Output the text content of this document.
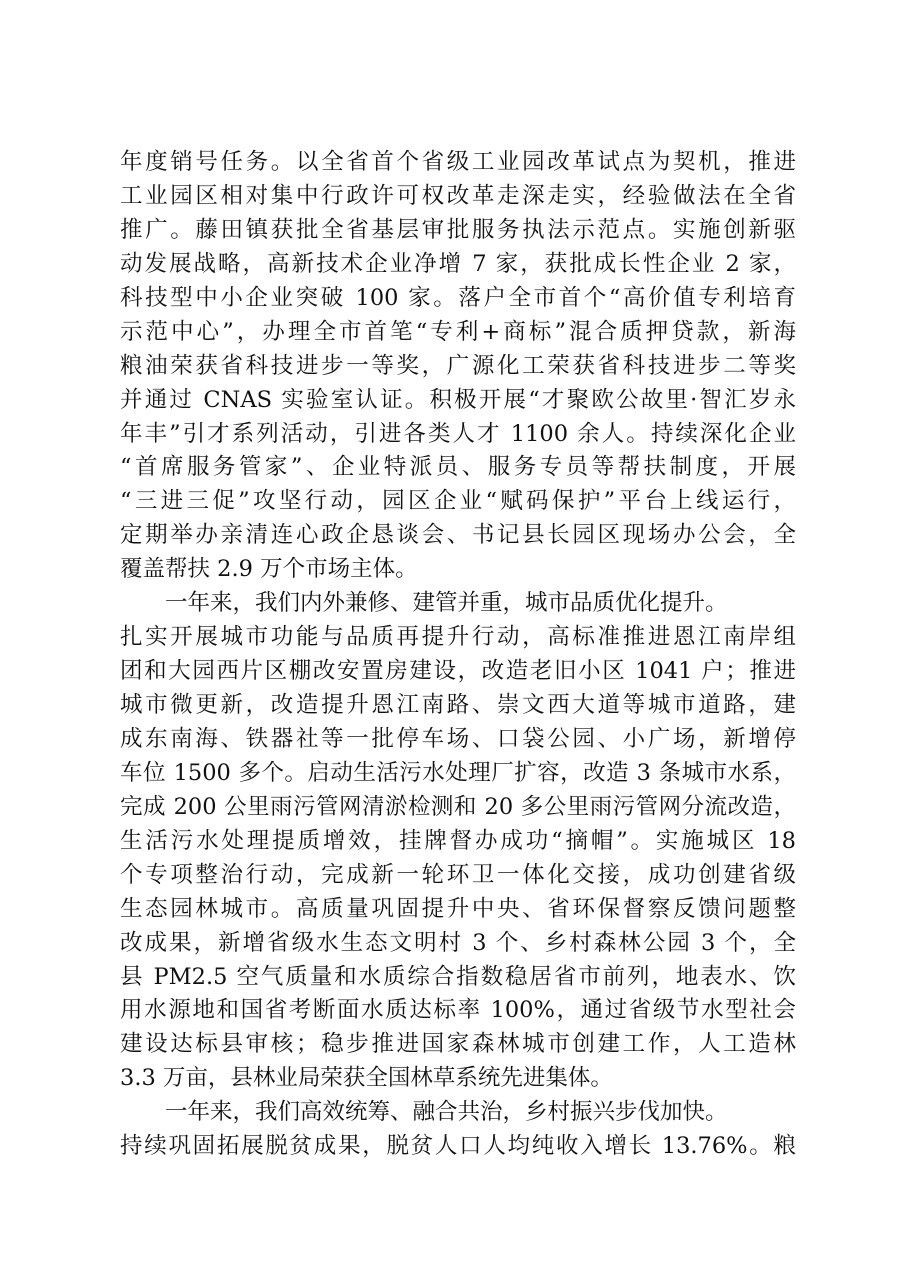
年度销号任务。以全省首个省级工业园改革试点为契机，推进
工业园区相对集中行政许可权改革走深走实，经验做法在全省
推广。藤田镇获批全省基层审批服务执法示范点。实施创新驱
动发展战略，高新技术企业净增 7 家，获批成长性企业 2 家，
科技型中小企业突破 100 家。落户全市首个“高价值专利培育
示范中心”，办理全市首笔“专利+商标”混合质押贷款，新海
粮油荣获省科技进步一等奖，广源化工荣获省科技进步二等奖
并通过 CNAS 实验室认证。积极开展“才聚欧公故里·智汇岁永
年丰”引才系列活动，引进各类人才 1100 余人。持续深化企业
“首席服务管家”、企业特派员、服务专员等帮扶制度，开展
“三进三促”攻坚行动，园区企业“赋码保护”平台上线运行，
定期举办亲清连心政企恳谈会、书记县长园区现场办公会，全
覆盖帮扶 2.9 万个市场主体。
一年来，我们内外兼修、建管并重，城市品质优化提升。
扎实开展城市功能与品质再提升行动，高标准推进恩江南岸组
团和大园西片区棚改安置房建设，改造老旧小区 1041 户；推进
城市微更新，改造提升恩江南路、崇文西大道等城市道路，建
成东南海、铁器社等一批停车场、口袋公园、小广场，新增停
车位 1500 多个。启动生活污水处理厂扩容，改造 3 条城市水系，
完成 200 公里雨污管网清淤检测和 20 多公里雨污管网分流改造，
生活污水处理提质增效，挂牌督办成功“摘帽”。实施城区 18
个专项整治行动，完成新一轮环卫一体化交接，成功创建省级
生态园林城市。高质量巩固提升中央、省环保督察反馈问题整
改成果，新增省级水生态文明村 3 个、乡村森林公园 3 个，全
县 PM2.5 空气质量和水质综合指数稳居省市前列，地表水、饮
用水源地和国省考断面水质达标率 100%，通过省级节水型社会
建设达标县审核；稳步推进国家森林城市创建工作，人工造林
3.3 万亩，县林业局荣获全国林草系统先进集体。
一年来，我们高效统筹、融合共治，乡村振兴步伐加快。
持续巩固拓展脱贫成果，脱贫人口人均纯收入增长 13.76%。粮
